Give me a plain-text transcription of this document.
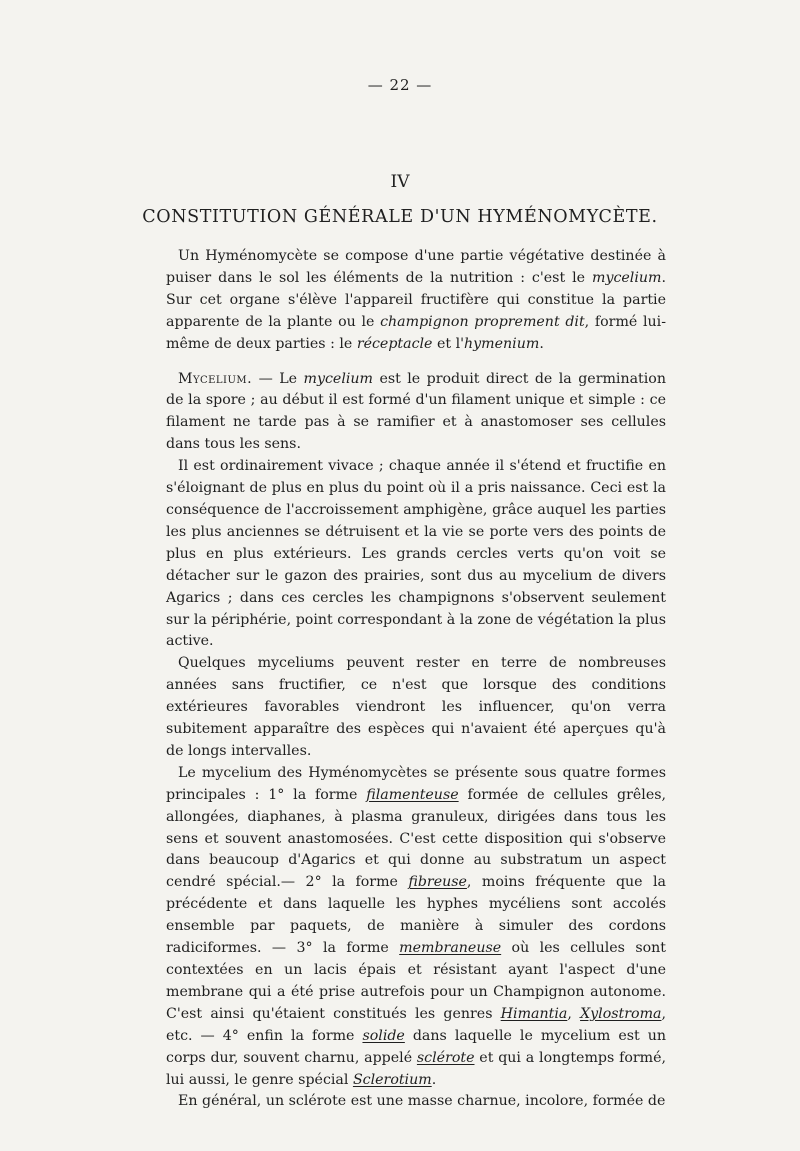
— 22 —
IV
CONSTITUTION GÉNÉRALE D'UN HYMÉNOMYCÈTE.

Un Hyménomycète se compose d'une partie végétative destinée à puiser dans le sol les éléments de la nutrition : c'est le mycelium. Sur cet organe s'élève l'appareil fructifère qui constitue la partie apparente de la plante ou le champignon proprement dit, formé lui-même de deux parties : le réceptacle et l'hymenium.

Mycelium. — Le mycelium est le produit direct de la germination de la spore ; au début il est formé d'un filament unique et simple : ce filament ne tarde pas à se ramifier et à anastomoser ses cellules dans tous les sens.

Il est ordinairement vivace ; chaque année il s'étend et fructifie en s'éloignant de plus en plus du point où il a pris naissance. Ceci est la conséquence de l'accroissement amphigène, grâce auquel les parties les plus anciennes se détruisent et la vie se porte vers des points de plus en plus extérieurs. Les grands cercles verts qu'on voit se détacher sur le gazon des prairies, sont dus au mycelium de divers Agarics ; dans ces cercles les champignons s'observent seulement sur la périphérie, point correspondant à la zone de végétation la plus active.

Quelques myceliums peuvent rester en terre de nombreuses années sans fructifier, ce n'est que lorsque des conditions extérieures favorables viendront les influencer, qu'on verra subitement apparaître des espèces qui n'avaient été aperçues qu'à de longs intervalles.

Le mycelium des Hyménomycètes se présente sous quatre formes principales : 1° la forme filamenteuse formée de cellules grêles, allongées, diaphanes, à plasma granuleux, dirigées dans tous les sens et souvent anastomosées. C'est cette disposition qui s'observe dans beaucoup d'Agarics et qui donne au substratum un aspect cendré spécial.— 2° la forme fibreuse, moins fréquente que la précédente et dans laquelle les hyphes mycéliens sont accolés ensemble par paquets, de manière à simuler des cordons radiciformes. — 3° la forme membraneuse où les cellules sont contextées en un lacis épais et résistant ayant l'aspect d'une membrane qui a été prise autrefois pour un Champignon autonome. C'est ainsi qu'étaient constitués les genres Himantia, Xylostroma, etc. — 4° enfin la forme solide dans laquelle le mycelium est un corps dur, souvent charnu, appelé sclérote et qui a longtemps formé, lui aussi, le genre spécial Sclerotium.

En général, un sclérote est une masse charnue, incolore, formée de
